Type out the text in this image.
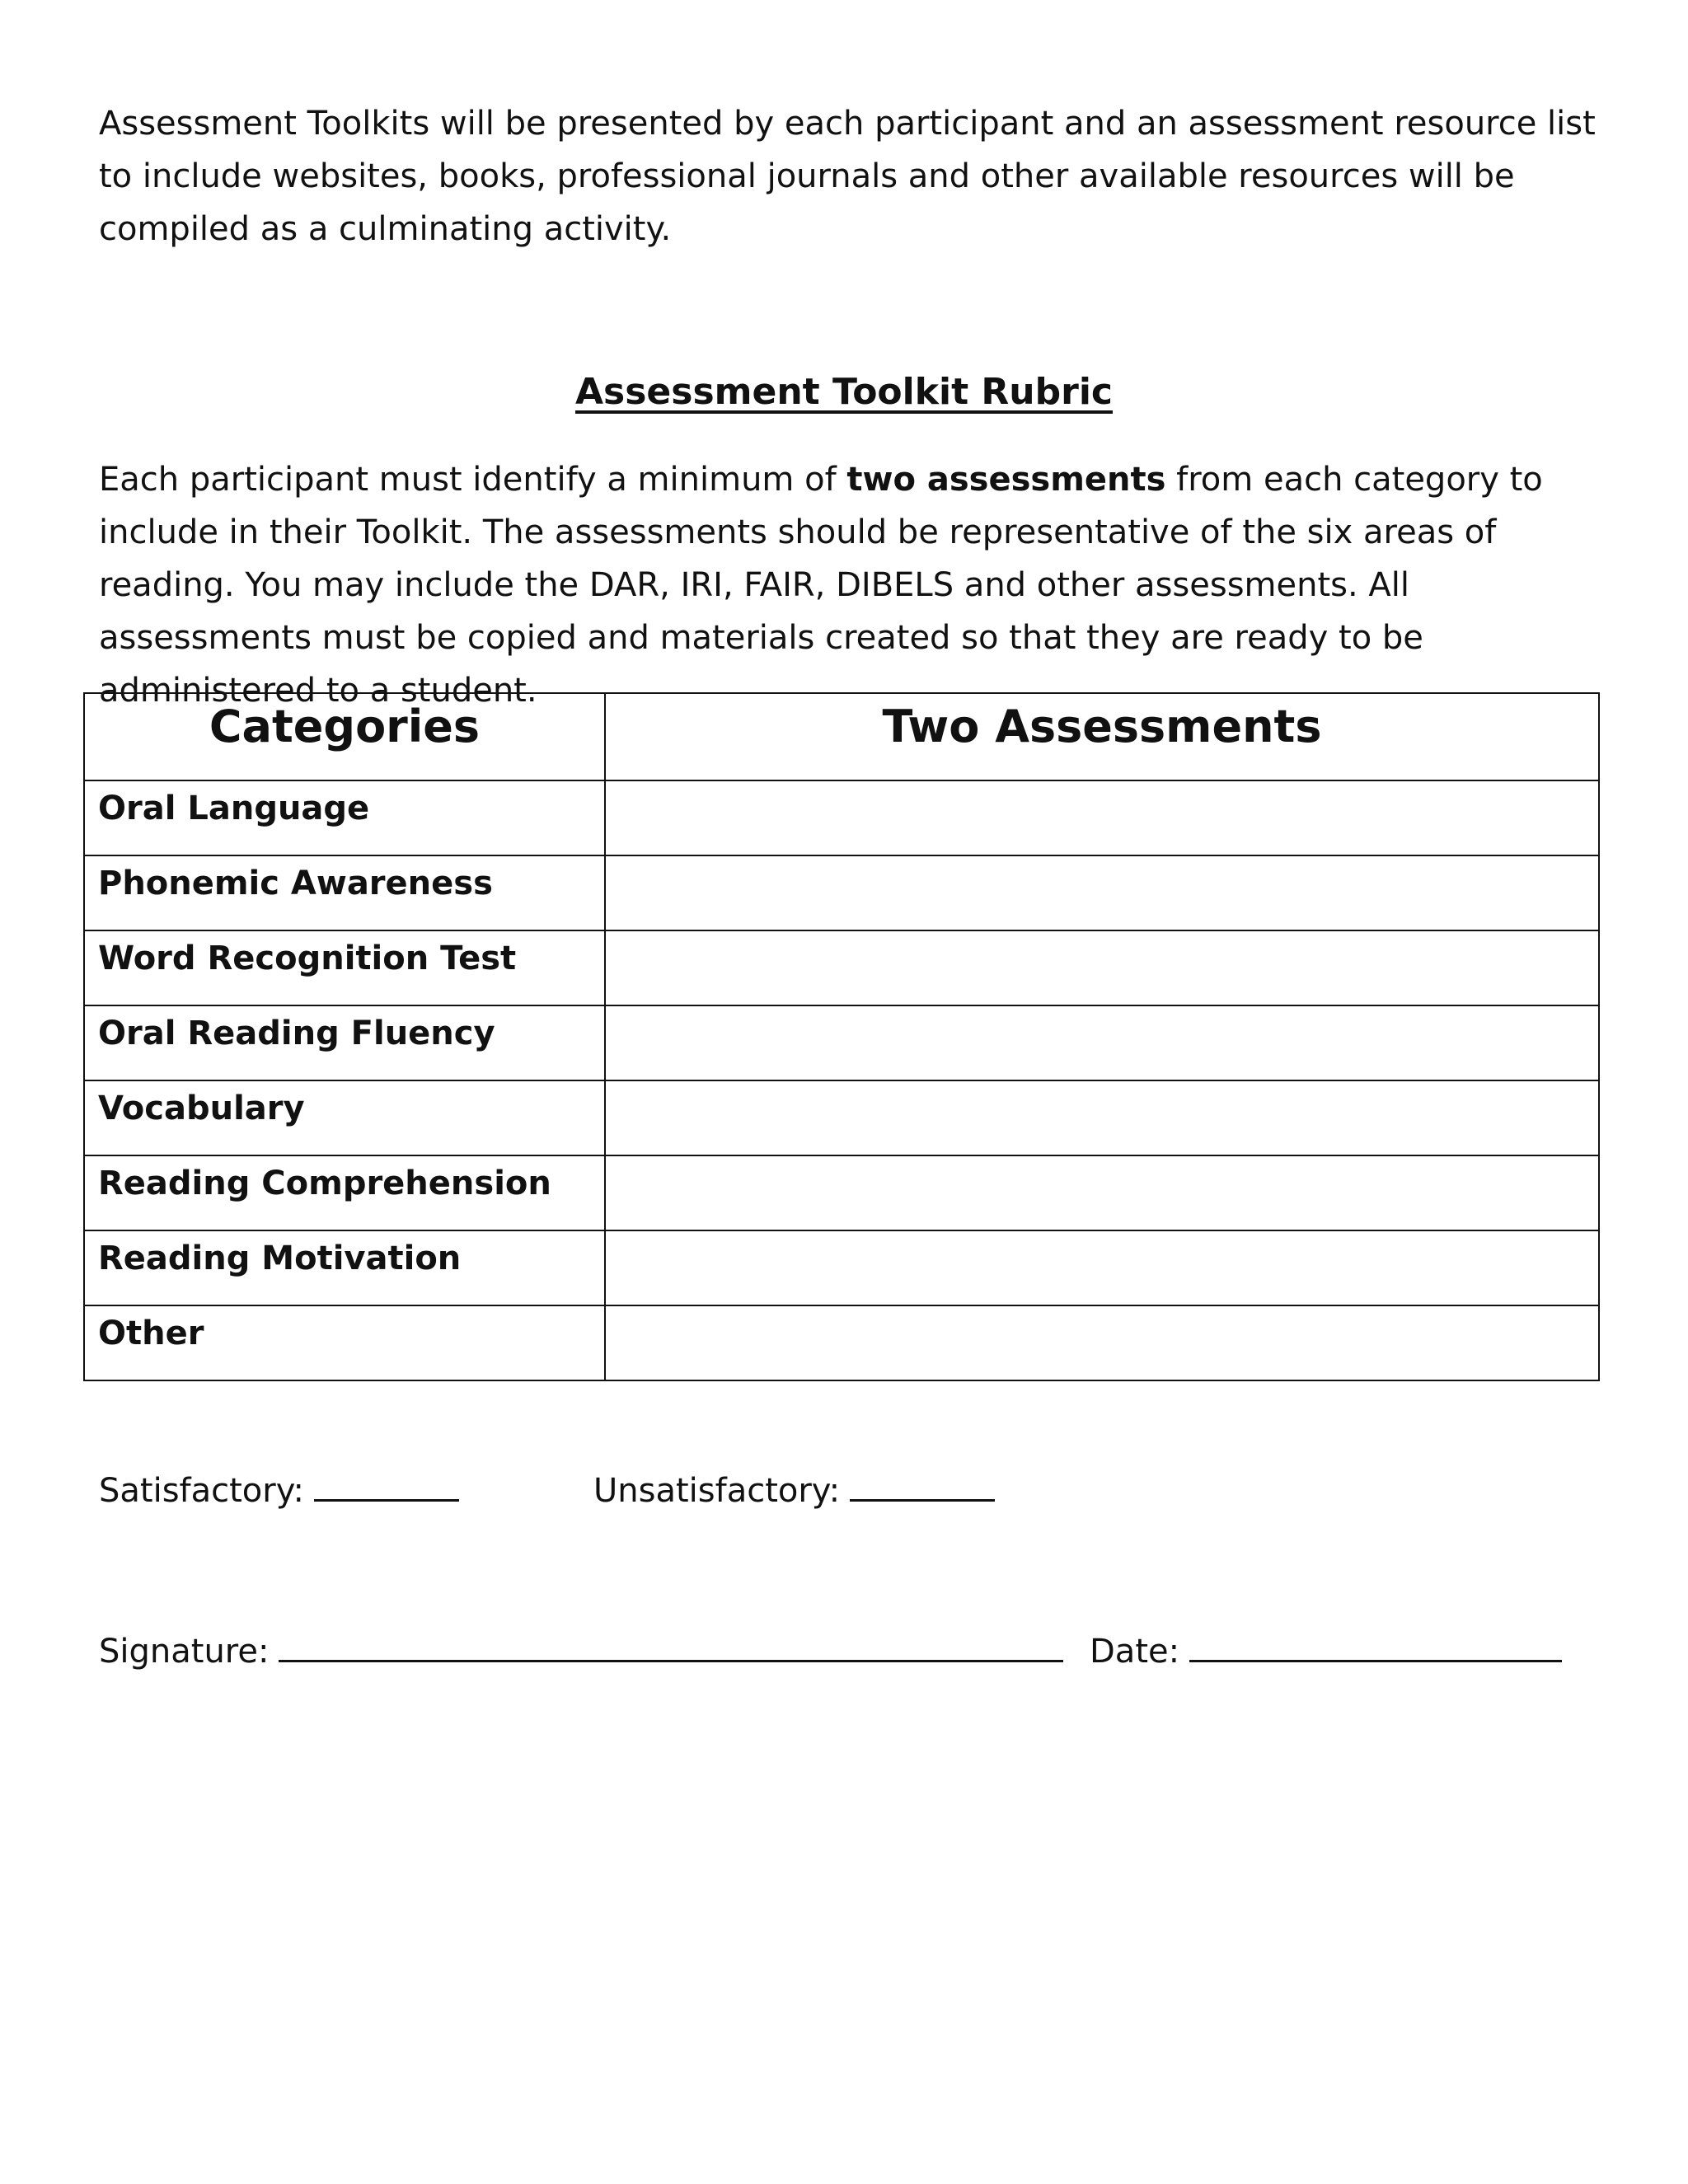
Assessment Toolkits will be presented by each participant and an assessment resource list to include websites, books, professional journals and other available resources will be compiled as a culminating activity.

Assessment Toolkit Rubric

Each participant must identify a minimum of two assessments from each category to include in their Toolkit. The assessments should be representative of the six areas of reading. You may include the DAR, IRI, FAIR, DIBELS and other assessments. All assessments must be copied and materials created so that they are ready to be administered to a student.

Categories	Two Assessments
Oral Language	
Phonemic Awareness	
Word Recognition Test	
Oral Reading Fluency	
Vocabulary	
Reading Comprehension	
Reading Motivation	
Other	
Satisfactory:	Unsatisfactory:
Signature:	Date:
